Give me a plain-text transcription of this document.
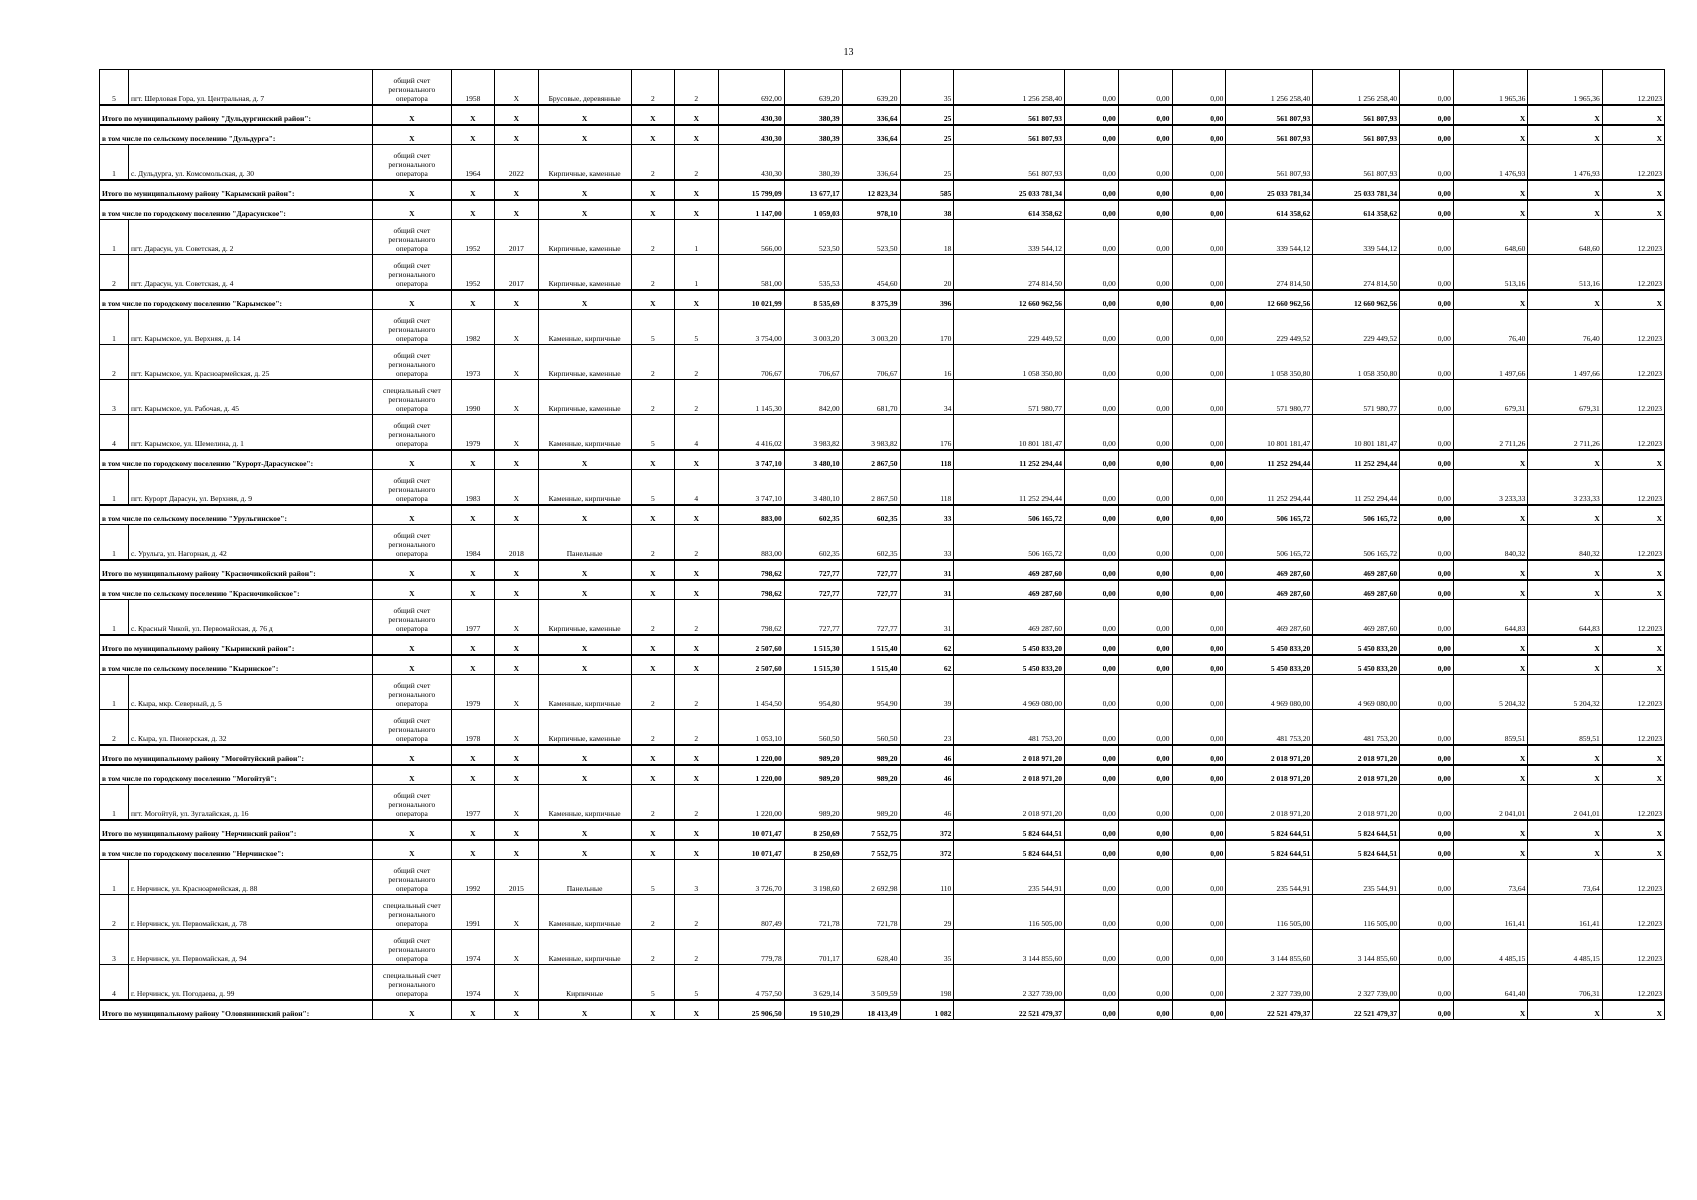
13
5	пгт. Шерловая Гора, ул. Центральная, д. 7	общий счет регионального оператора	1958	X	Брусовые, деревянные	2	2	692,00	639,20	639,20	35	1 256 258,40	0,00	0,00	0,00	1 256 258,40	1 256 258,40	0,00	1 965,36	1 965,36	12.2023
Итого по муниципальному району "Дульдургинский район":		X	X	X	X	X	X	430,30	380,39	336,64	25	561 807,93	0,00	0,00	0,00	561 807,93	561 807,93	0,00	X	X	X
в том числе по сельскому поселению "Дульдурга":		X	X	X	X	X	X	430,30	380,39	336,64	25	561 807,93	0,00	0,00	0,00	561 807,93	561 807,93	0,00	X	X	X
1	с. Дульдурга, ул. Комсомольская, д. 30	общий счет регионального оператора	1964	2022	Кирпичные, каменные	2	2	430,30	380,39	336,64	25	561 807,93	0,00	0,00	0,00	561 807,93	561 807,93	0,00	1 476,93	1 476,93	12.2023
Итого по муниципальному району "Карымский район":		X	X	X	X	X	X	15 799,09	13 677,17	12 823,34	585	25 033 781,34	0,00	0,00	0,00	25 033 781,34	25 033 781,34	0,00	X	X	X
в том числе по городскому поселению "Дарасунское":		X	X	X	X	X	X	1 147,00	1 059,03	978,10	38	614 358,62	0,00	0,00	0,00	614 358,62	614 358,62	0,00	X	X	X
1	пгт. Дарасун, ул. Советская, д. 2	общий счет регионального оператора	1952	2017	Кирпичные, каменные	2	1	566,00	523,50	523,50	18	339 544,12	0,00	0,00	0,00	339 544,12	339 544,12	0,00	648,60	648,60	12.2023
2	пгт. Дарасун, ул. Советская, д. 4	общий счет регионального оператора	1952	2017	Кирпичные, каменные	2	1	581,00	535,53	454,60	20	274 814,50	0,00	0,00	0,00	274 814,50	274 814,50	0,00	513,16	513,16	12.2023
в том числе по городскому поселению "Карымское":		X	X	X	X	X	X	10 021,99	8 535,69	8 375,39	396	12 660 962,56	0,00	0,00	0,00	12 660 962,56	12 660 962,56	0,00	X	X	X
1	пгт. Карымское, ул. Верхняя, д. 14	общий счет регионального оператора	1982	X	Каменные, кирпичные	5	5	3 754,00	3 003,20	3 003,20	170	229 449,52	0,00	0,00	0,00	229 449,52	229 449,52	0,00	76,40	76,40	12.2023
2	пгт. Карымское, ул. Красноармейская, д. 25	общий счет регионального оператора	1973	X	Кирпичные, каменные	2	2	706,67	706,67	706,67	16	1 058 350,80	0,00	0,00	0,00	1 058 350,80	1 058 350,80	0,00	1 497,66	1 497,66	12.2023
3	пгт. Карымское, ул. Рабочая, д. 45	специальный счет регионального оператора	1990	X	Кирпичные, каменные	2	2	1 145,30	842,00	681,70	34	571 980,77	0,00	0,00	0,00	571 980,77	571 980,77	0,00	679,31	679,31	12.2023
4	пгт. Карымское, ул. Шемелина, д. 1	общий счет регионального оператора	1979	X	Каменные, кирпичные	5	4	4 416,02	3 983,82	3 983,82	176	10 801 181,47	0,00	0,00	0,00	10 801 181,47	10 801 181,47	0,00	2 711,26	2 711,26	12.2023
в том числе по городскому поселению "Курорт-Дарасунское":		X	X	X	X	X	X	3 747,10	3 480,10	2 867,50	118	11 252 294,44	0,00	0,00	0,00	11 252 294,44	11 252 294,44	0,00	X	X	X
1	пгт. Курорт Дарасун, ул. Верхняя, д. 9	общий счет регионального оператора	1983	X	Каменные, кирпичные	5	4	3 747,10	3 480,10	2 867,50	118	11 252 294,44	0,00	0,00	0,00	11 252 294,44	11 252 294,44	0,00	3 233,33	3 233,33	12.2023
в том числе по сельскому поселению "Урульгинское":		X	X	X	X	X	X	883,00	602,35	602,35	33	506 165,72	0,00	0,00	0,00	506 165,72	506 165,72	0,00	X	X	X
1	с. Урульга, ул. Нагорная, д. 42	общий счет регионального оператора	1984	2018	Панельные	2	2	883,00	602,35	602,35	33	506 165,72	0,00	0,00	0,00	506 165,72	506 165,72	0,00	840,32	840,32	12.2023
Итого по муниципальному району "Красночикойский район":		X	X	X	X	X	X	798,62	727,77	727,77	31	469 287,60	0,00	0,00	0,00	469 287,60	469 287,60	0,00	X	X	X
в том числе по сельскому поселению "Красночикойское":		X	X	X	X	X	X	798,62	727,77	727,77	31	469 287,60	0,00	0,00	0,00	469 287,60	469 287,60	0,00	X	X	X
1	с. Красный Чикой, ул. Первомайская, д. 76 д	общий счет регионального оператора	1977	X	Кирпичные, каменные	2	2	798,62	727,77	727,77	31	469 287,60	0,00	0,00	0,00	469 287,60	469 287,60	0,00	644,83	644,83	12.2023
Итого по муниципальному району "Кыринский район":		X	X	X	X	X	X	2 507,60	1 515,30	1 515,40	62	5 450 833,20	0,00	0,00	0,00	5 450 833,20	5 450 833,20	0,00	X	X	X
в том числе по сельскому поселению "Кыринское":		X	X	X	X	X	X	2 507,60	1 515,30	1 515,40	62	5 450 833,20	0,00	0,00	0,00	5 450 833,20	5 450 833,20	0,00	X	X	X
1	с. Кыра, мкр. Северный, д. 5	общий счет регионального оператора	1979	X	Каменные, кирпичные	2	2	1 454,50	954,80	954,90	39	4 969 080,00	0,00	0,00	0,00	4 969 080,00	4 969 080,00	0,00	5 204,32	5 204,32	12.2023
2	с. Кыра, ул. Пионерская, д. 32	общий счет регионального оператора	1978	X	Кирпичные, каменные	2	2	1 053,10	560,50	560,50	23	481 753,20	0,00	0,00	0,00	481 753,20	481 753,20	0,00	859,51	859,51	12.2023
Итого по муниципальному району "Могойтуйский район":		X	X	X	X	X	X	1 220,00	989,20	989,20	46	2 018 971,20	0,00	0,00	0,00	2 018 971,20	2 018 971,20	0,00	X	X	X
в том числе по городскому поселению "Могойтуй":		X	X	X	X	X	X	1 220,00	989,20	989,20	46	2 018 971,20	0,00	0,00	0,00	2 018 971,20	2 018 971,20	0,00	X	X	X
1	пгт. Могойтуй, ул. Зугалайская, д. 16	общий счет регионального оператора	1977	X	Каменные, кирпичные	2	2	1 220,00	989,20	989,20	46	2 018 971,20	0,00	0,00	0,00	2 018 971,20	2 018 971,20	0,00	2 041,01	2 041,01	12.2023
Итого по муниципальному району "Нерчинский район":		X	X	X	X	X	X	10 071,47	8 250,69	7 552,75	372	5 824 644,51	0,00	0,00	0,00	5 824 644,51	5 824 644,51	0,00	X	X	X
в том числе по городскому поселению "Нерчинское":		X	X	X	X	X	X	10 071,47	8 250,69	7 552,75	372	5 824 644,51	0,00	0,00	0,00	5 824 644,51	5 824 644,51	0,00	X	X	X
1	г. Нерчинск, ул. Красноармейская, д. 88	общий счет регионального оператора	1992	2015	Панельные	5	3	3 726,70	3 198,60	2 692,98	110	235 544,91	0,00	0,00	0,00	235 544,91	235 544,91	0,00	73,64	73,64	12.2023
2	г. Нерчинск, ул. Первомайская, д. 78	специальный счет регионального оператора	1991	X	Каменные, кирпичные	2	2	807,49	721,78	721,78	29	116 505,00	0,00	0,00	0,00	116 505,00	116 505,00	0,00	161,41	161,41	12.2023
3	г. Нерчинск, ул. Первомайская, д. 94	общий счет регионального оператора	1974	X	Каменные, кирпичные	2	2	779,78	701,17	628,40	35	3 144 855,60	0,00	0,00	0,00	3 144 855,60	3 144 855,60	0,00	4 485,15	4 485,15	12.2023
4	г. Нерчинск, ул. Погодаева, д. 99	специальный счет регионального оператора	1974	X	Кирпичные	5	5	4 757,50	3 629,14	3 509,59	198	2 327 739,00	0,00	0,00	0,00	2 327 739,00	2 327 739,00	0,00	641,40	706,31	12.2023
Итого по муниципальному району "Оловяннинский район":		X	X	X	X	X	X	25 906,50	19 510,29	18 413,49	1 082	22 521 479,37	0,00	0,00	0,00	22 521 479,37	22 521 479,37	0,00	X	X	X
